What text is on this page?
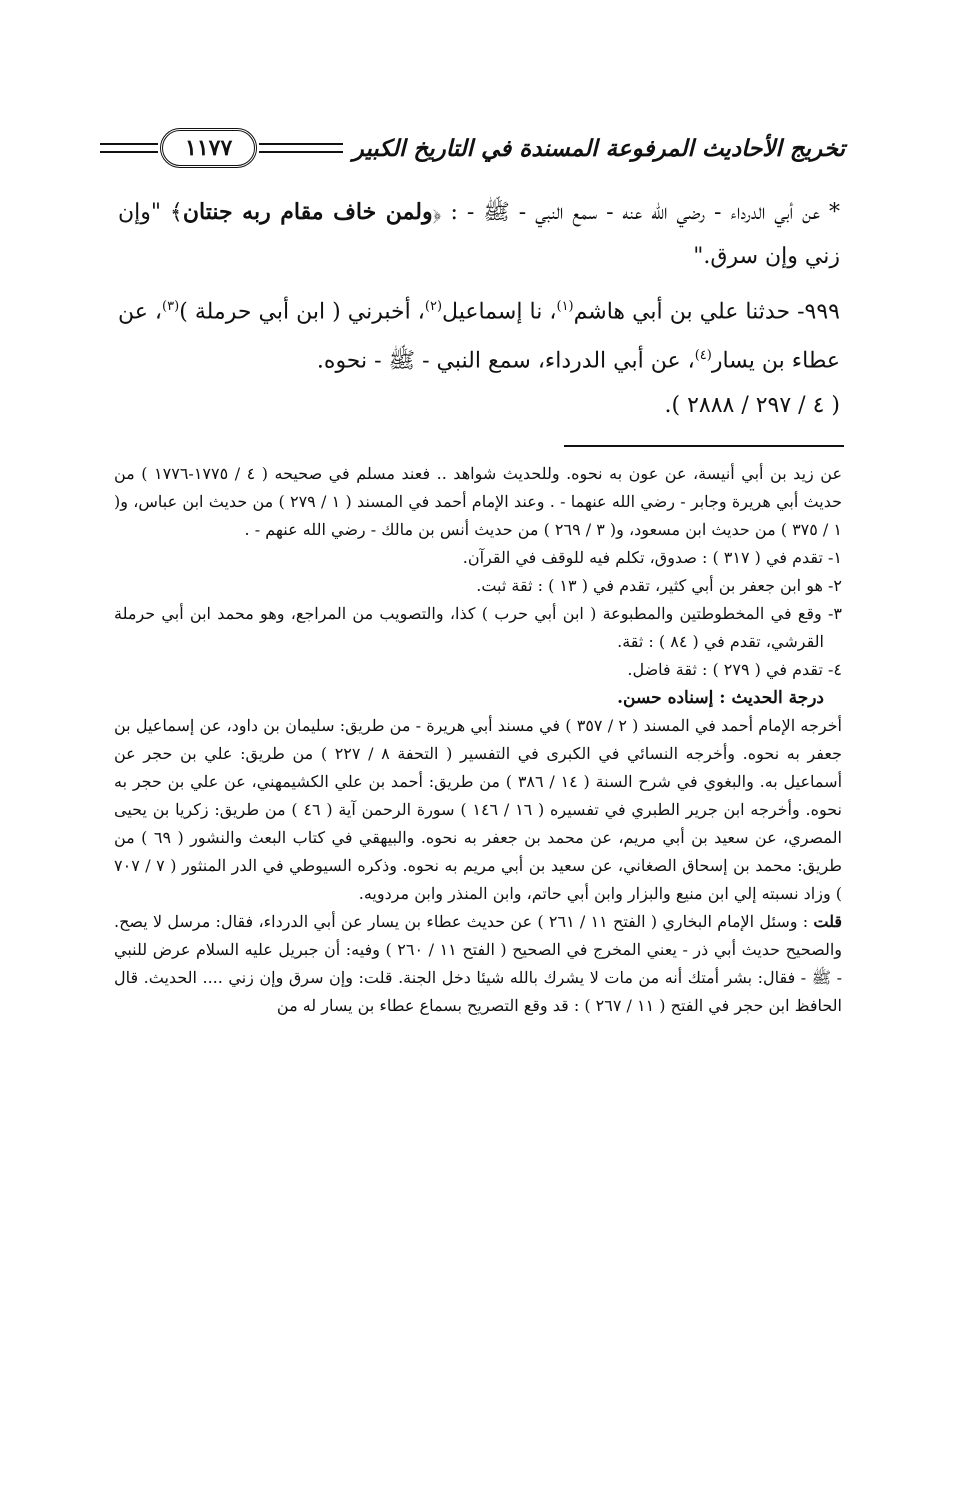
تخريج الأحاديث المرفوعة المسندة في التاريخ الكبير
١١٧٧

* عن أبي الدرداء - رضي الله عنه - سمع النبي - ﷺ - : ﴿ولمن خاف مقام ربه جنتان﴾ "وإن زني وإن سرق."

٩٩٩- حدثنا علي بن أبي هاشم$^{(١)}$، نا إسماعيل$^{(٢)}$، أخبرني ( ابن أبي حرملة )$^{(٣)}$، عن عطاء بن يسار$^{(٤)}$، عن أبي الدرداء، سمع النبي - ﷺ - نحوه.

( ٤ / ٢٩٧ / ٢٨٨٨ ).

عن زيد بن أبي أنيسة، عن عون به نحوه. وللحديث شواهد .. فعند مسلم في صحيحه ( ٤ / ١٧٧٥-١٧٧٦ ) من حديث أبي هريرة وجابر - رضي الله عنهما - . وعند الإمام أحمد في المسند ( ١ / ٢٧٩ ) من حديث ابن عباس، و( ١ / ٣٧٥ ) من حديث ابن مسعود، و( ٣ / ٢٦٩ ) من حديث أنس بن مالك - رضي الله عنهم - .

١- تقدم في ( ٣١٧ ) : صدوق، تكلم فيه للوقف في القرآن.

٢- هو ابن جعفر بن أبي كثير، تقدم في ( ١٣ ) : ثقة ثبت.

٣- وقع في المخطوطتين والمطبوعة ( ابن أبي حرب ) كذا، والتصويب من المراجع، وهو محمد ابن أبي حرملة القرشي، تقدم في ( ٨٤ ) : ثقة.

٤- تقدم في ( ٢٧٩ ) : ثقة فاضل.

درجة الحديث : إسناده حسن.

أخرجه الإمام أحمد في المسند ( ٢ / ٣٥٧ ) في مسند أبي هريرة - من طريق: سليمان بن داود، عن إسماعيل بن جعفر به نحوه. وأخرجه النسائي في الكبرى في التفسير ( التحفة ٨ / ٢٢٧ ) من طريق: علي بن حجر عن أسماعيل به. والبغوي في شرح السنة ( ١٤ / ٣٨٦ ) من طريق: أحمد بن علي الكشيمهني، عن علي بن حجر به نحوه. وأخرجه ابن جرير الطبري في تفسيره ( ١٦ / ١٤٦ ) سورة الرحمن آية ( ٤٦ ) من طريق: زكريا بن يحيى المصري، عن سعيد بن أبي مريم، عن محمد بن جعفر به نحوه. والبيهقي في كتاب البعث والنشور ( ٦٩ ) من طريق: محمد بن إسحاق الصغاني، عن سعيد بن أبي مريم به نحوه. وذكره السيوطي في الدر المنثور ( ٧ / ٧٠٧ ) وزاد نسبته إلي ابن منيع والبزار وابن أبي حاتم، وابن المنذر وابن مردويه.

قلت : وسئل الإمام البخاري ( الفتح ١١ / ٢٦١ ) عن حديث عطاء بن يسار عن أبي الدرداء، فقال: مرسل لا يصح. والصحيح حديث أبي ذر - يعني المخرج في الصحيح ( الفتح ١١ / ٢٦٠ ) وفيه: أن جبريل عليه السلام عرض للنبي - ﷺ - فقال: بشر أمتك أنه من مات لا يشرك بالله شيئا دخل الجنة. قلت: وإن سرق وإن زني .... الحديث. قال الحافظ ابن حجر في الفتح ( ١١ / ٢٦٧ ) : قد وقع التصريح بسماع عطاء بن يسار له من
